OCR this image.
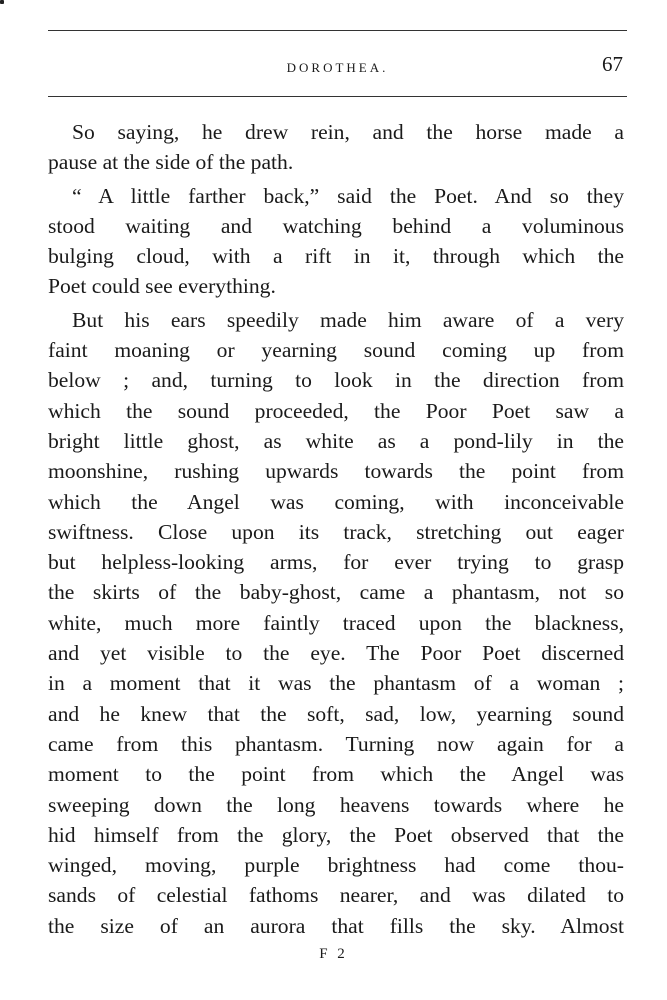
DOROTHEA.	67
So saying, he drew rein, and the horse made a
pause at the side of the path.
“ A little farther back,” said the Poet. And so they
stood waiting and watching behind a voluminous
bulging cloud, with a rift in it, through which the
Poet could see everything.
But his ears speedily made him aware of a very
faint moaning or yearning sound coming up from
below ; and, turning to look in the direction from
which the sound proceeded, the Poor Poet saw a
bright little ghost, as white as a pond-lily in the
moonshine, rushing upwards towards the point from
which the Angel was coming, with inconceivable
swiftness. Close upon its track, stretching out eager
but helpless-looking arms, for ever trying to grasp
the skirts of the baby-ghost, came a phantasm, not so
white, much more faintly traced upon the blackness,
and yet visible to the eye. The Poor Poet discerned
in a moment that it was the phantasm of a woman ;
and he knew that the soft, sad, low, yearning sound
came from this phantasm. Turning now again for a
moment to the point from which the Angel was
sweeping down the long heavens towards where he
hid himself from the glory, the Poet observed that the
winged, moving, purple brightness had come thou-
sands of celestial fathoms nearer, and was dilated to
the size of an aurora that fills the sky. Almost
F 2
